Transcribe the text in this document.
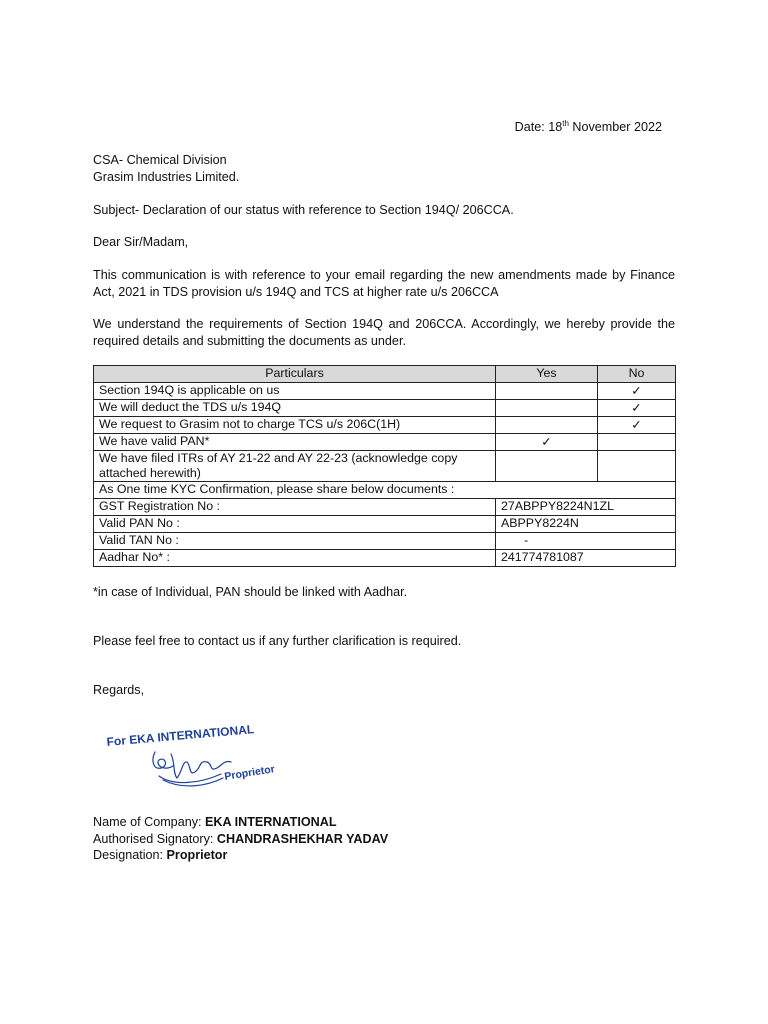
Date: 18th November 2022
CSA- Chemical Division
Grasim Industries Limited.
Subject- Declaration of our status with reference to Section 194Q/ 206CCA.
Dear Sir/Madam,
This communication is with reference to your email regarding the new amendments made by Finance Act, 2021 in TDS provision u/s 194Q and TCS at higher rate u/s 206CCA
We understand the requirements of Section 194Q and 206CCA. Accordingly, we hereby provide the required details and submitting the documents as under.
Particulars	Yes	No
Section 194Q is applicable on us		✓
We will deduct the TDS u/s 194Q		✓
We request to Grasim not to charge TCS u/s 206C(1H)		✓
We have valid PAN*	✓	
We have filed ITRs of AY 21-22 and AY 22-23 (acknowledge copy attached herewith)		
As One time KYC Confirmation, please share below documents :		
GST Registration No :	27ABPPY8224N1ZL	
Valid PAN No :	ABPPY8224N	
Valid TAN No :	-	
Aadhar No* :	241774781087	
*in case of Individual, PAN should be linked with Aadhar.
Please feel free to contact us if any further clarification is required.
Regards,
For EKA INTERNATIONAL
Proprietor
Name of Company: EKA INTERNATIONAL
Authorised Signatory: CHANDRASHEKHAR YADAV
Designation: Proprietor
